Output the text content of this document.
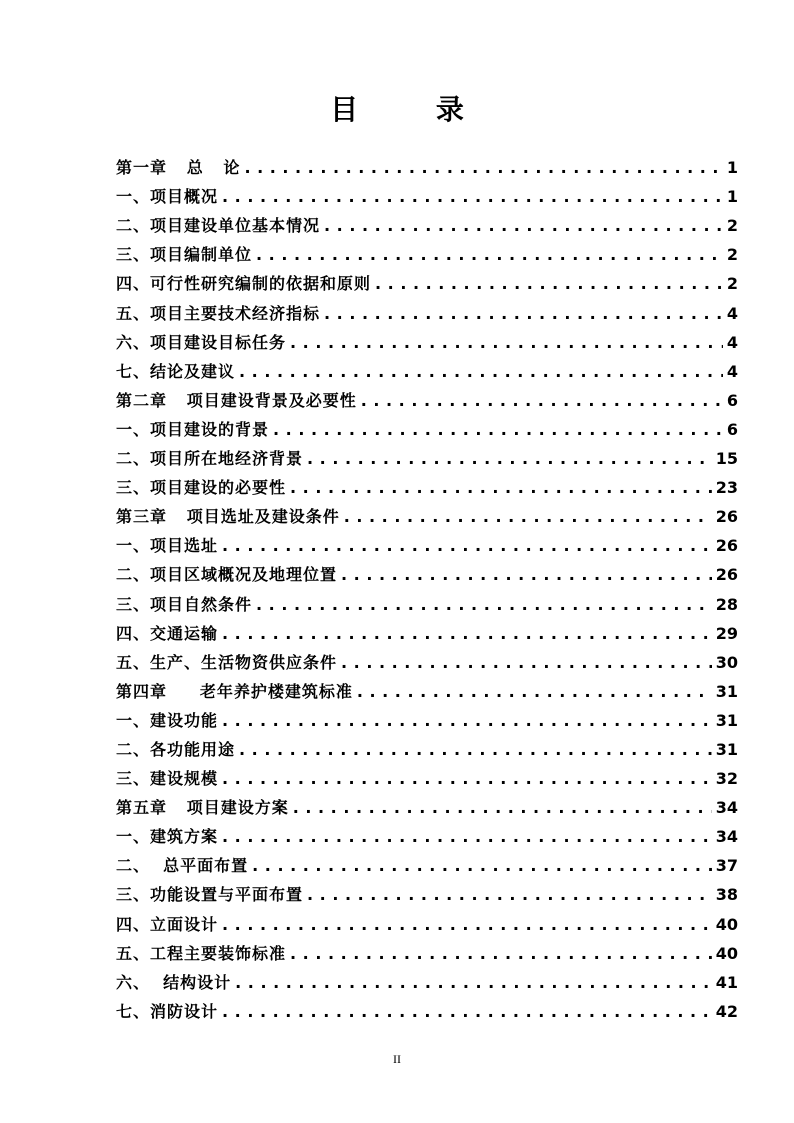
目 录
第一章   总   论 . . .	1
一、项目概况 . . .	1
二、项目建设单位基本情况 . . .	2
三、项目编制单位 . . .	2
四、可行性研究编制的依据和原则 . . .	2
五、项目主要技术经济指标 . . .	4
六、项目建设目标任务 . . .	4
七、结论及建议 . . .	4
第二章   项目建设背景及必要性 . . .	6
一、项目建设的背景 . . .	6
二、项目所在地经济背景 . . .	15
三、项目建设的必要性 . . .	23
第三章   项目选址及建设条件 . . .	26
一、项目选址 . . .	26
二、项目区域概况及地理位置 . . .	26
三、项目自然条件 . . .	28
四、交通运输 . . .	29
五、生产、生活物资供应条件 . . .	30
第四章     老年养护楼建筑标准 . . .	31
一、建设功能 . . .	31
二、各功能用途 . . .	31
三、建设规模 . . .	32
第五章   项目建设方案 . . .	34
一、建筑方案 . . .	34
二、  总平面布置 . . .	37
三、功能设置与平面布置 . . .	38
四、立面设计 . . .	40
五、工程主要装饰标准 . . .	40
六、  结构设计 . . .	41
七、消防设计 . . .	42
II
